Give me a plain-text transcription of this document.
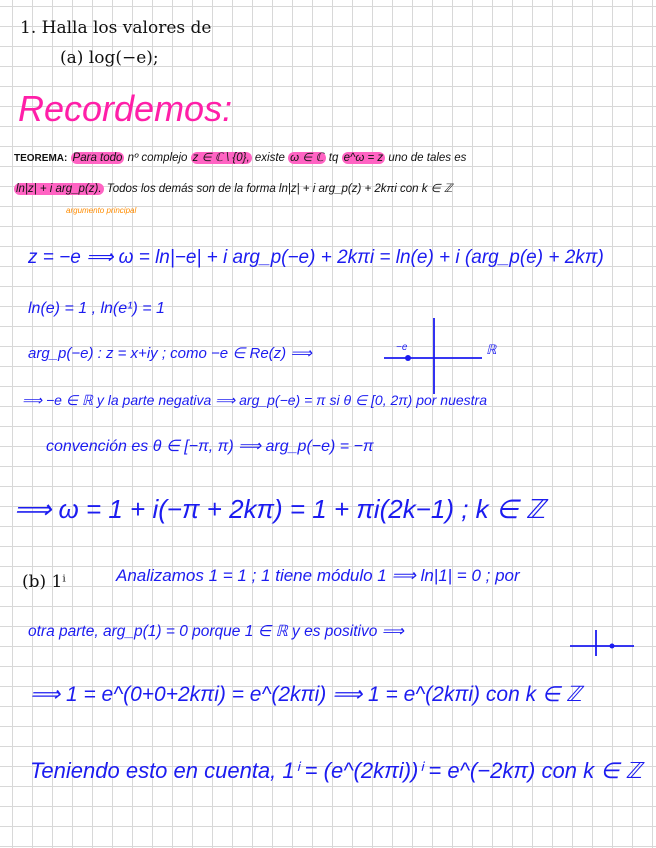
1. Halla los valores de
(a) log(−e);
Recordemos:
TEOREMA: Para todo nº complejo z ∈ ℂ \ {0}, existe ω ∈ ℂ tq e^ω = z uno de tales es
ln|z| + i arg_p(z). Todos los demás son de la forma ln|z| + i arg_p(z) + 2kπi con k ∈ ℤ
argumento principal
z = −e ⟹ ω = ln|−e| + i arg_p(−e) + 2kπi = ln(e) + i (arg_p(e) + 2kπ)
ln(e) = 1 , ln(e¹) = 1
arg_p(−e) : z = x+iy ; como −e ∈ Re(z) ⟹	ℝ
−e
⟹ −e ∈ ℝ y la parte negativa ⟹ arg_p(−e) = π si θ ∈ [0, 2π) por nuestra
convención es θ ∈ [−π, π) ⟹ arg_p(−e) = −π
⟹ ω = 1 + i(−π + 2kπ) = 1 + πi(2k−1) ; k ∈ ℤ
(b) 1ⁱ	Analizamos 1 = 1 ; 1 tiene módulo 1 ⟹ ln|1| = 0 ; por
otra parte, arg_p(1) = 0 porque 1 ∈ ℝ y es positivo ⟹
⟹ 1 = e^(0+0+2kπi) = e^(2kπi) ⟹ 1 = e^(2kπi) con k ∈ ℤ
Teniendo esto en cuenta, 1ⁱ = (e^(2kπi))ⁱ = e^(−2kπ) con k ∈ ℤ
